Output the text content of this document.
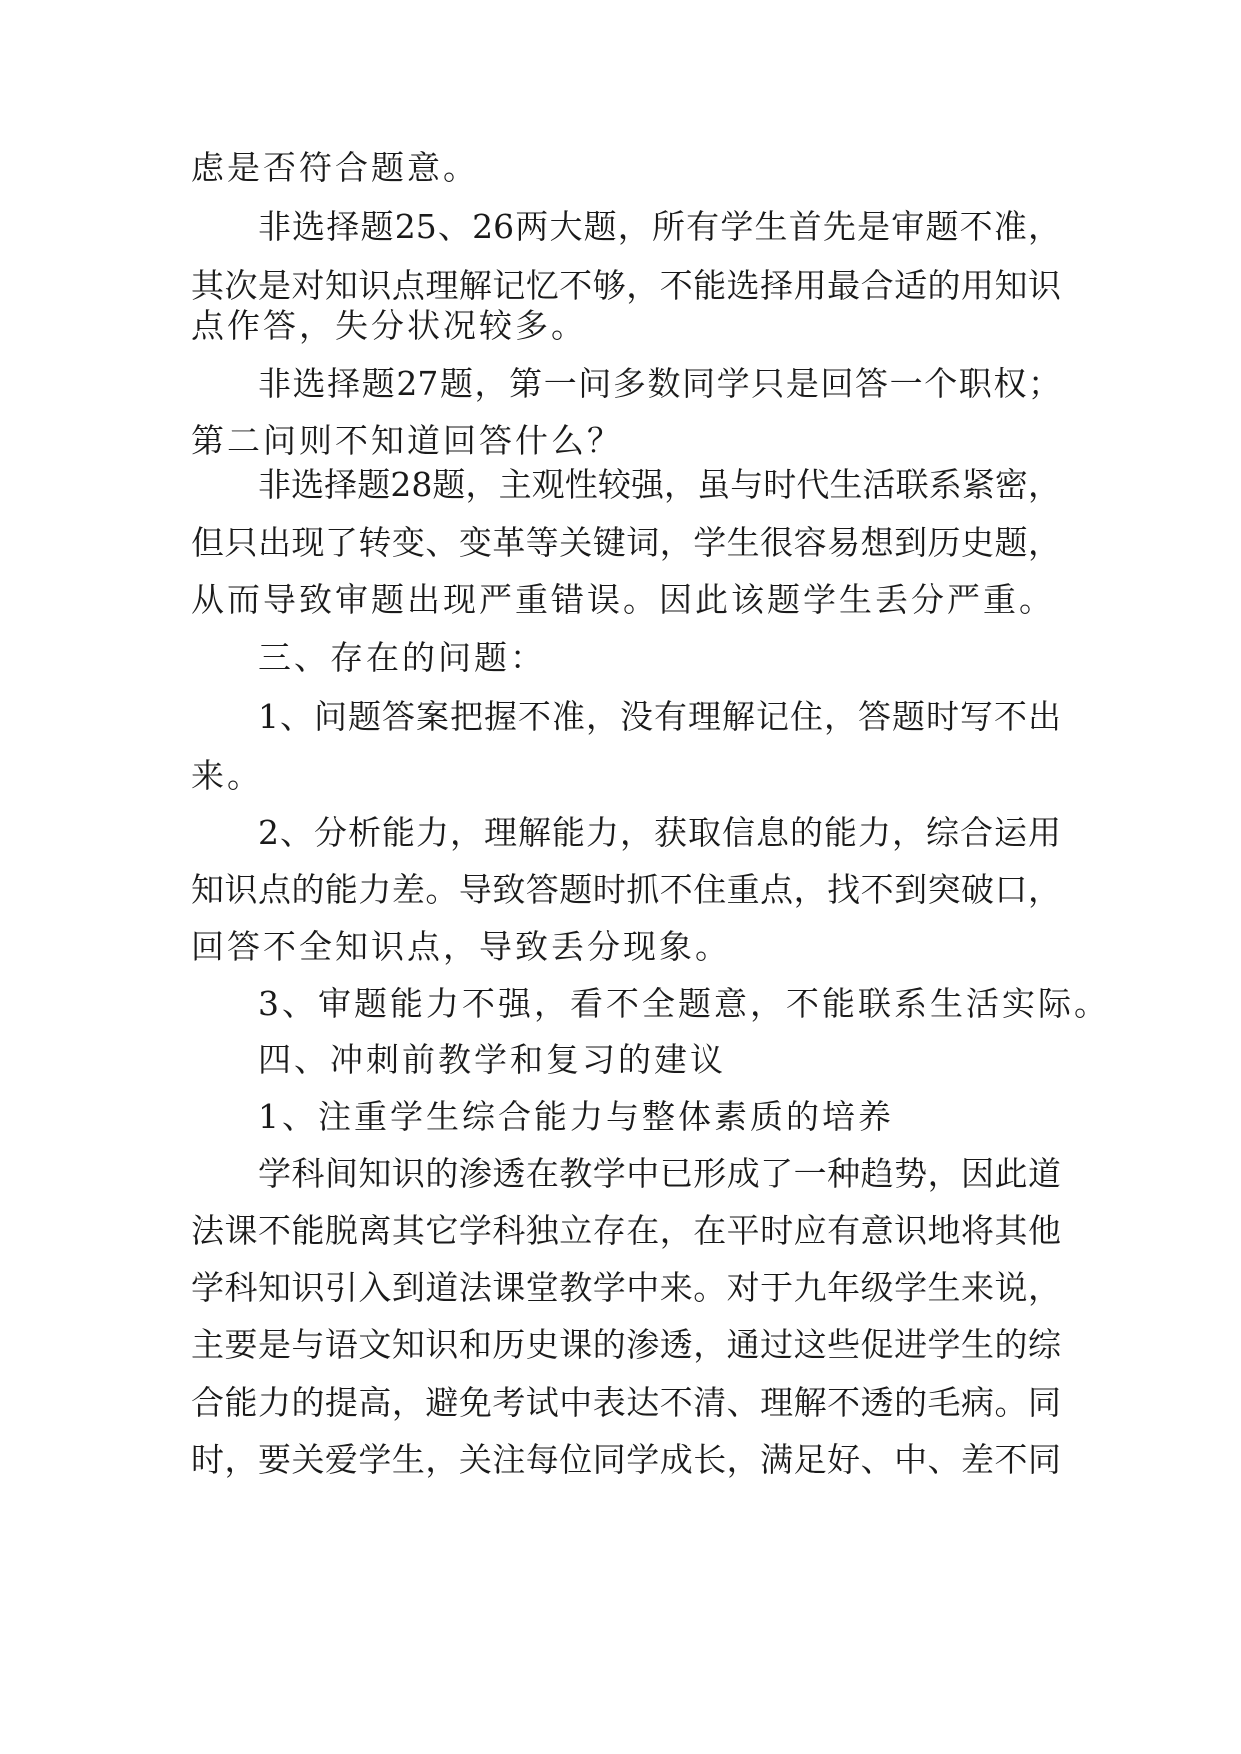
虑是否符合题意。
非选择题25、26两大题，所有学生首先是审题不准，
其次是对知识点理解记忆不够，不能选择用最合适的用知识
点作答，失分状况较多。
非选择题27题，第一问多数同学只是回答一个职权；
第二问则不知道回答什么？
非选择题28题，主观性较强，虽与时代生活联系紧密，
但只出现了转变、变革等关键词，学生很容易想到历史题，
从而导致审题出现严重错误。因此该题学生丢分严重。
三、存在的问题：
1、问题答案把握不准，没有理解记住，答题时写不出
来。
2、分析能力，理解能力，获取信息的能力，综合运用
知识点的能力差。导致答题时抓不住重点，找不到突破口，
回答不全知识点，导致丢分现象。
3、审题能力不强，看不全题意，不能联系生活实际。
四、冲刺前教学和复习的建议
1、注重学生综合能力与整体素质的培养
学科间知识的渗透在教学中已形成了一种趋势，因此道
法课不能脱离其它学科独立存在，在平时应有意识地将其他
学科知识引入到道法课堂教学中来。对于九年级学生来说，
主要是与语文知识和历史课的渗透，通过这些促进学生的综
合能力的提高，避免考试中表达不清、理解不透的毛病。同
时，要关爱学生，关注每位同学成长，满足好、中、差不同
